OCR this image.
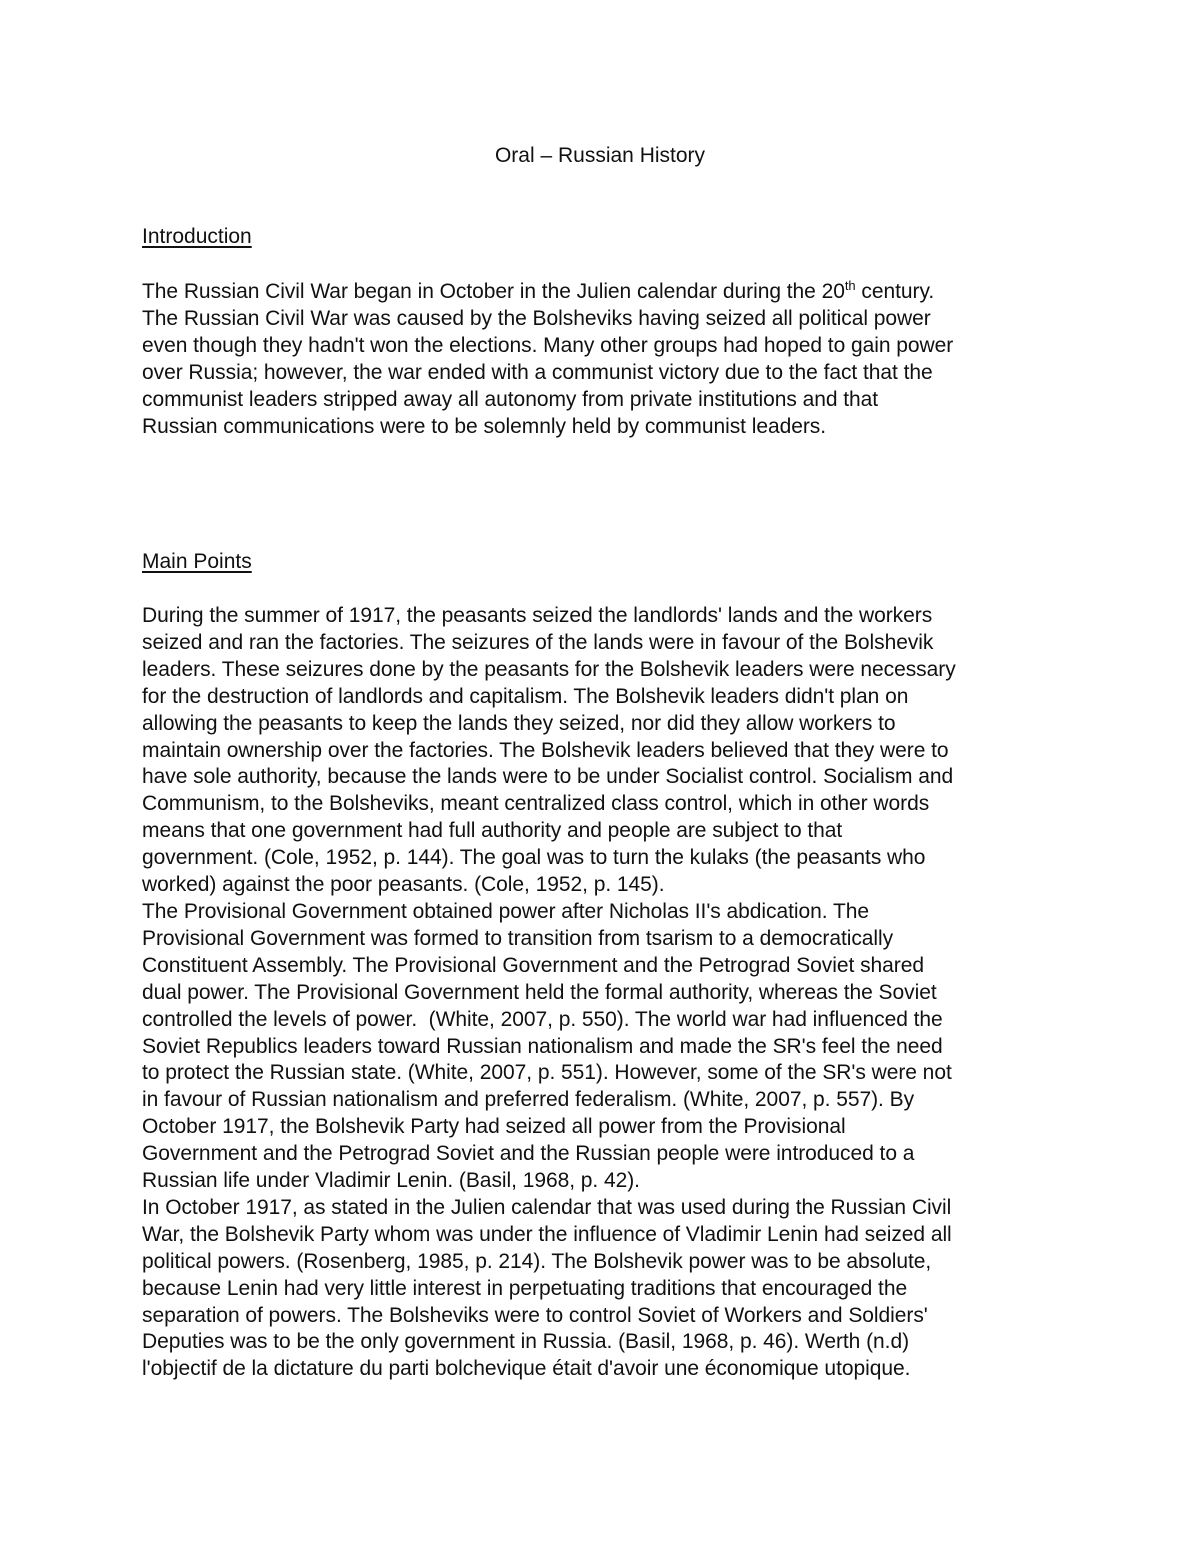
Oral – Russian History
Introduction
The Russian Civil War began in October in the Julien calendar during the 20th century.
The Russian Civil War was caused by the Bolsheviks having seized all political power
even though they hadn't won the elections. Many other groups had hoped to gain power
over Russia; however, the war ended with a communist victory due to the fact that the
communist leaders stripped away all autonomy from private institutions and that
Russian communications were to be solemnly held by communist leaders.
Main Points
During the summer of 1917, the peasants seized the landlords' lands and the workers
seized and ran the factories. The seizures of the lands were in favour of the Bolshevik
leaders. These seizures done by the peasants for the Bolshevik leaders were necessary
for the destruction of landlords and capitalism. The Bolshevik leaders didn't plan on
allowing the peasants to keep the lands they seized, nor did they allow workers to
maintain ownership over the factories. The Bolshevik leaders believed that they were to
have sole authority, because the lands were to be under Socialist control. Socialism and
Communism, to the Bolsheviks, meant centralized class control, which in other words
means that one government had full authority and people are subject to that
government. (Cole, 1952, p. 144). The goal was to turn the kulaks (the peasants who
worked) against the poor peasants. (Cole, 1952, p. 145).
The Provisional Government obtained power after Nicholas II's abdication. The
Provisional Government was formed to transition from tsarism to a democratically
Constituent Assembly. The Provisional Government and the Petrograd Soviet shared
dual power. The Provisional Government held the formal authority, whereas the Soviet
controlled the levels of power.  (White, 2007, p. 550). The world war had influenced the
Soviet Republics leaders toward Russian nationalism and made the SR's feel the need
to protect the Russian state. (White, 2007, p. 551). However, some of the SR's were not
in favour of Russian nationalism and preferred federalism. (White, 2007, p. 557). By
October 1917, the Bolshevik Party had seized all power from the Provisional
Government and the Petrograd Soviet and the Russian people were introduced to a
Russian life under Vladimir Lenin. (Basil, 1968, p. 42).
In October 1917, as stated in the Julien calendar that was used during the Russian Civil
War, the Bolshevik Party whom was under the influence of Vladimir Lenin had seized all
political powers. (Rosenberg, 1985, p. 214). The Bolshevik power was to be absolute,
because Lenin had very little interest in perpetuating traditions that encouraged the
separation of powers. The Bolsheviks were to control Soviet of Workers and Soldiers'
Deputies was to be the only government in Russia. (Basil, 1968, p. 46). Werth (n.d)
l'objectif de la dictature du parti bolchevique était d'avoir une économique utopique.
